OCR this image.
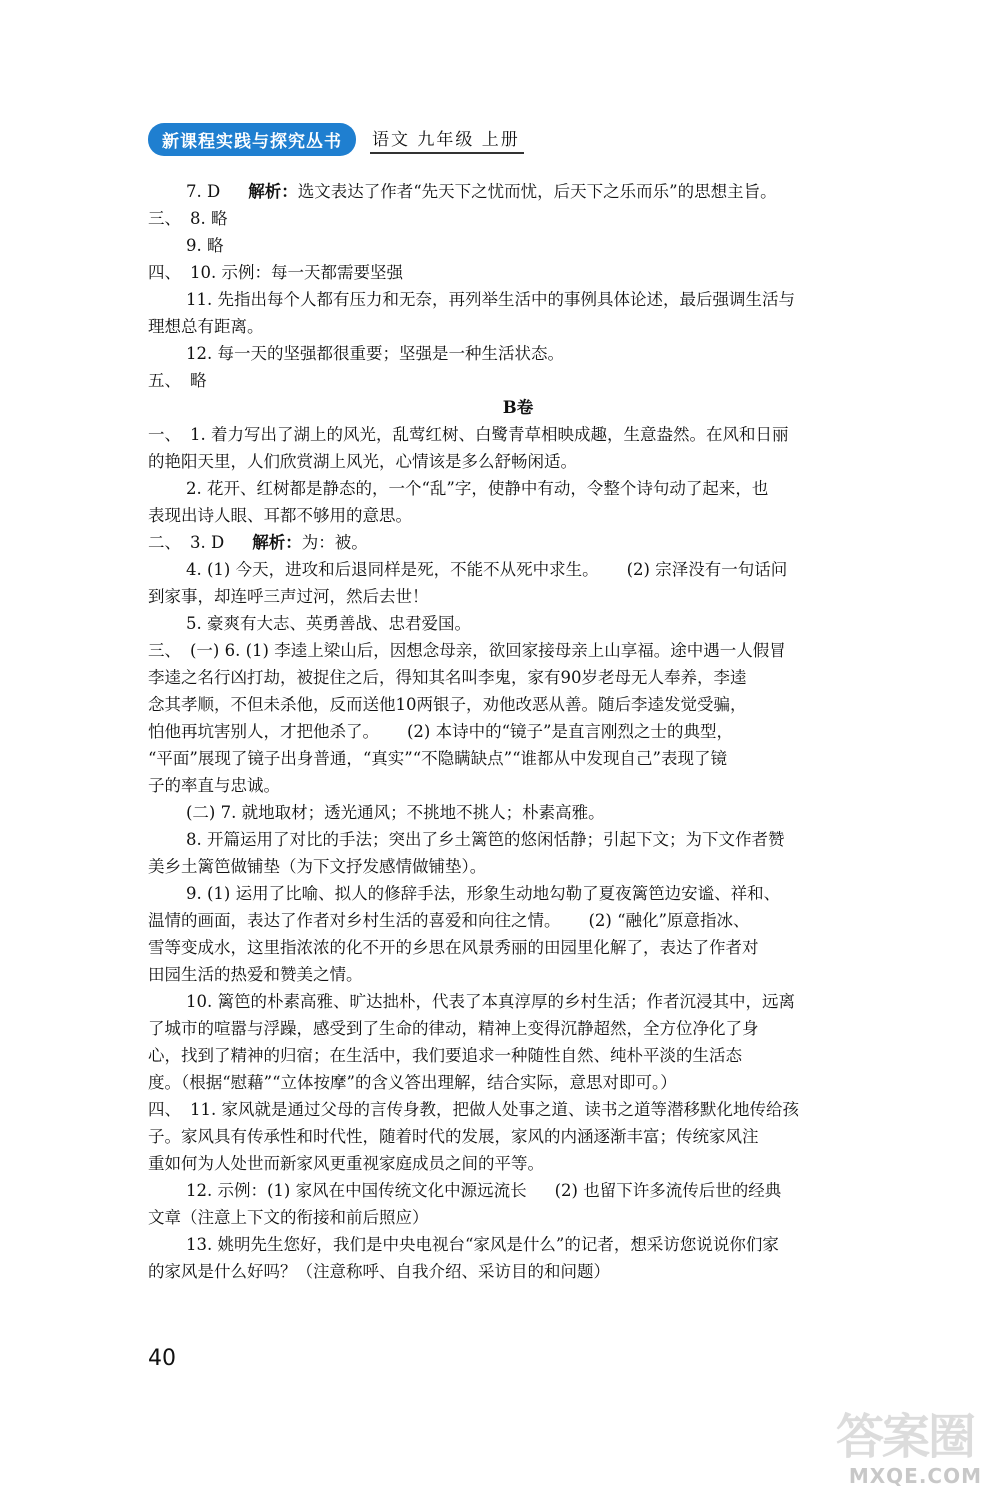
新课程实践与探究丛书	语文 九年级 上册
7. D 解析：选文表达了作者“先天下之忧而忧，后天下之乐而乐”的思想主旨。
三、 8. 略
9. 略
四、 10. 示例：每一天都需要坚强
11. 先指出每个人都有压力和无奈，再列举生活中的事例具体论述，最后强调生活与
理想总有距离。
12. 每一天的坚强都很重要；坚强是一种生活状态。
五、 略
B卷
一、 1. 着力写出了湖上的风光，乱莺红树、白鹭青草相映成趣，生意盎然。在风和日丽
的艳阳天里，人们欣赏湖上风光，心情该是多么舒畅闲适。
2. 花开、红树都是静态的，一个“乱”字，使静中有动，令整个诗句动了起来，也
表现出诗人眼、耳都不够用的意思。
二、 3. D 解析：为：被。
4. (1) 今天，进攻和后退同样是死，不能不从死中求生。 (2) 宗泽没有一句话问
到家事，却连呼三声过河，然后去世！
5. 豪爽有大志、英勇善战、忠君爱国。
三、 (一) 6. (1) 李逵上梁山后，因想念母亲，欲回家接母亲上山享福。途中遇一人假冒
李逵之名行凶打劫，被捉住之后，得知其名叫李鬼，家有90岁老母无人奉养，李逵
念其孝顺，不但未杀他，反而送他10两银子，劝他改恶从善。随后李逵发觉受骗，
怕他再坑害别人，才把他杀了。 (2) 本诗中的“镜子”是直言刚烈之士的典型，
“平面”展现了镜子出身普通，“真实”“不隐瞒缺点”“谁都从中发现自己”表现了镜
子的率直与忠诚。
(二) 7. 就地取材；透光通风；不挑地不挑人；朴素高雅。
8. 开篇运用了对比的手法；突出了乡土篱笆的悠闲恬静；引起下文；为下文作者赞
美乡土篱笆做铺垫（为下文抒发感情做铺垫）。
9. (1) 运用了比喻、拟人的修辞手法，形象生动地勾勒了夏夜篱笆边安谧、祥和、
温情的画面，表达了作者对乡村生活的喜爱和向往之情。 (2) “融化”原意指冰、
雪等变成水，这里指浓浓的化不开的乡思在风景秀丽的田园里化解了，表达了作者对
田园生活的热爱和赞美之情。
10. 篱笆的朴素高雅、旷达拙朴，代表了本真淳厚的乡村生活；作者沉浸其中，远离
了城市的喧嚣与浮躁，感受到了生命的律动，精神上变得沉静超然，全方位净化了身
心，找到了精神的归宿；在生活中，我们要追求一种随性自然、纯朴平淡的生活态
度。（根据“慰藉”“立体按摩”的含义答出理解，结合实际，意思对即可。）
四、 11. 家风就是通过父母的言传身教，把做人处事之道、读书之道等潜移默化地传给孩
子。家风具有传承性和时代性，随着时代的发展，家风的内涵逐渐丰富；传统家风注
重如何为人处世而新家风更重视家庭成员之间的平等。
12. 示例：(1) 家风在中国传统文化中源远流长 (2) 也留下许多流传后世的经典
文章（注意上下文的衔接和前后照应）
13. 姚明先生您好，我们是中央电视台“家风是什么”的记者，想采访您说说你们家
的家风是什么好吗？（注意称呼、自我介绍、采访目的和问题）
40
答案圈
MXQE.COM
